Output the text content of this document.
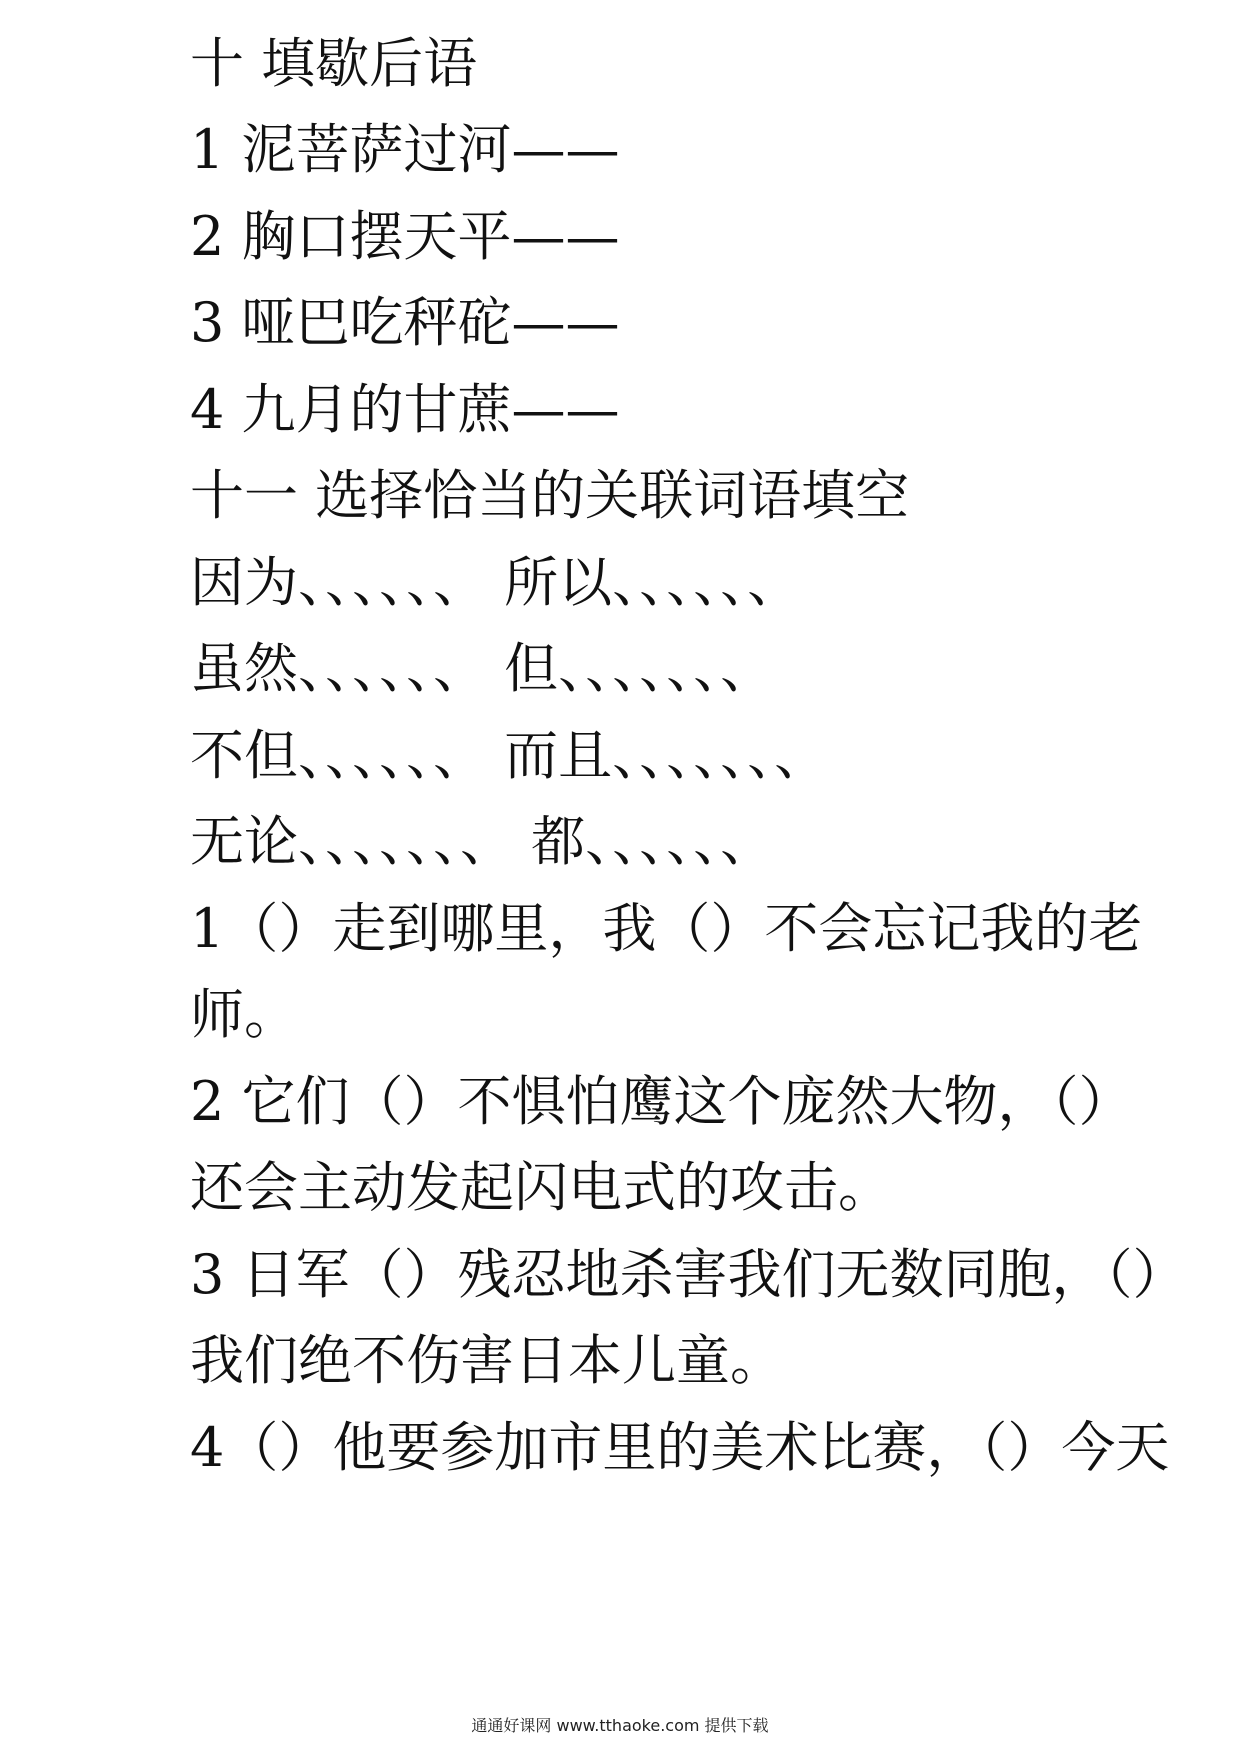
十 填歇后语
1 泥菩萨过河——
2 胸口摆天平——
3 哑巴吃秤砣——
4 九月的甘蔗——
十一 选择恰当的关联词语填空
因为、、、、、、 所以、、、、、、
虽然、、、、、、 但、、、、、、、
不但、、、、、、 而且、、、、、、、
无论、、、、、、、 都、、、、、、
1（）走到哪里，我（）不会忘记我的老
师。
2 它们（）不惧怕鹰这个庞然大物，（）
还会主动发起闪电式的攻击。
3 日军（）残忍地杀害我们无数同胞，（）
我们绝不伤害日本儿童。
4（）他要参加市里的美术比赛，（）今天
通通好课网 www.tthaoke.com 提供下载
